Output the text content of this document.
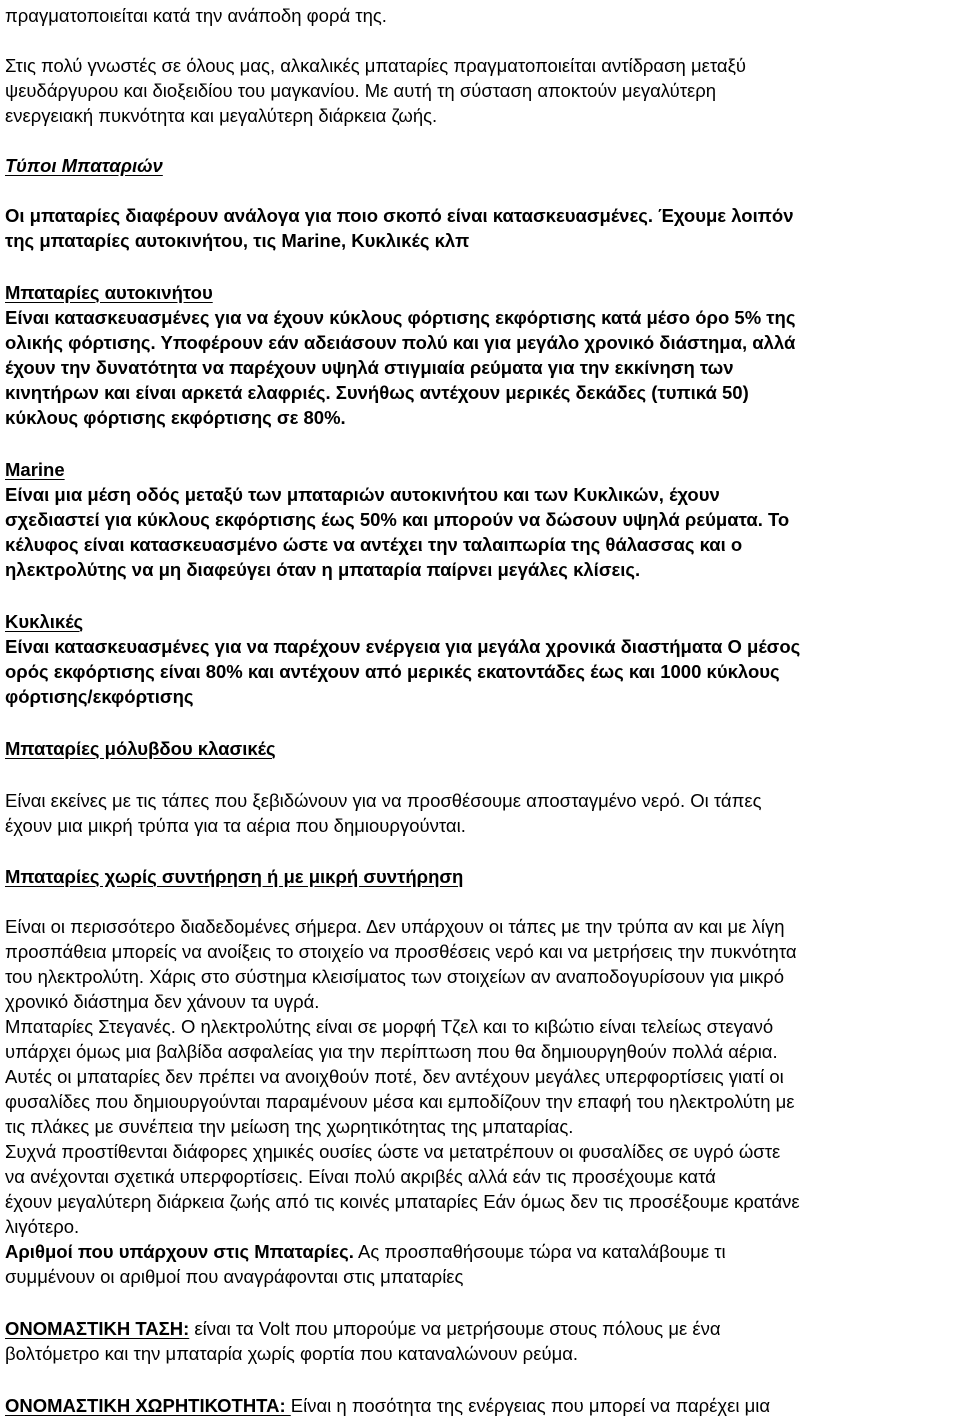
πραγματοποιείται κατά την ανάποδη φορά της.
Στις πολύ γνωστές σε όλους μας, αλκαλικές μπαταρίες πραγματοποιείται αντίδραση μεταξύ
ψευδάργυρου και διοξειδίου του μαγκανίου. Με αυτή τη σύσταση αποκτούν μεγαλύτερη
ενεργειακή πυκνότητα και μεγαλύτερη διάρκεια ζωής.
Τύποι Μπαταριών
Οι μπαταρίες διαφέρουν ανάλογα για ποιο σκοπό είναι κατασκευασμένες. Έχουμε λοιπόν
της μπαταρίες αυτοκινήτου, τις Marine, Κυκλικές κλπ
Μπαταρίες αυτοκινήτου
Είναι κατασκευασμένες για να έχουν κύκλους φόρτισης εκφόρτισης κατά μέσο όρο 5% της
ολικής φόρτισης. Υποφέρουν εάν αδειάσουν πολύ και για μεγάλο χρονικό διάστημα, αλλά
έχουν την δυνατότητα να παρέχουν υψηλά στιγμιαία ρεύματα για την εκκίνηση των
κινητήρων και είναι αρκετά ελαφριές. Συνήθως αντέχουν μερικές δεκάδες (τυπικά 50)
κύκλους φόρτισης εκφόρτισης σε 80%.
Marine
Είναι μια μέση οδός μεταξύ των μπαταριών αυτοκινήτου και των Κυκλικών, έχουν
σχεδιαστεί για κύκλους εκφόρτισης έως 50% και μπορούν να δώσουν υψηλά ρεύματα. Το
κέλυφος είναι κατασκευασμένο ώστε να αντέχει την ταλαιπωρία της θάλασσας και ο
ηλεκτρολύτης να μη διαφεύγει όταν η μπαταρία παίρνει μεγάλες κλίσεις.
Κυκλικές
Είναι κατασκευασμένες για να παρέχουν ενέργεια για μεγάλα χρονικά διαστήματα Ο μέσος
ορός εκφόρτισης είναι 80% και αντέχουν από μερικές εκατοντάδες έως και 1000 κύκλους
φόρτισης/εκφόρτισης
Μπαταρίες μόλυβδου κλασικές
Είναι εκείνες με τις τάπες που ξεβιδώνουν για να προσθέσουμε αποσταγμένο νερό. Οι τάπες
έχουν μια μικρή τρύπα για τα αέρια που δημιουργούνται.
Μπαταρίες χωρίς συντήρηση ή με μικρή συντήρηση
Είναι οι περισσότερο διαδεδομένες σήμερα. Δεν υπάρχουν οι τάπες με την τρύπα αν και με λίγη
προσπάθεια μπορείς να ανοίξεις το στοιχείο να προσθέσεις νερό και να μετρήσεις την πυκνότητα
του ηλεκτρολύτη. Χάρις στο σύστημα κλεισίματος των στοιχείων αν αναποδογυρίσουν για μικρό
χρονικό διάστημα δεν χάνουν τα υγρά.
Μπαταρίες Στεγανές. Ο ηλεκτρολύτης είναι σε μορφή Τζελ και το κιβώτιο είναι τελείως στεγανό
υπάρχει όμως μια βαλβίδα ασφαλείας για την περίπτωση που θα δημιουργηθούν πολλά αέρια.
Αυτές οι μπαταρίες δεν πρέπει να ανοιχθούν ποτέ, δεν αντέχουν μεγάλες υπερφορτίσεις γιατί οι
φυσαλίδες που δημιουργούνται παραμένουν μέσα και εμποδίζουν την επαφή του ηλεκτρολύτη με
τις πλάκες με συνέπεια την μείωση της χωρητικότητας της μπαταρίας.
Συχνά προστίθενται διάφορες χημικές ουσίες ώστε να μετατρέπουν οι φυσαλίδες σε υγρό ώστε
να ανέχονται σχετικά υπερφορτίσεις. Είναι πολύ ακριβές αλλά εάν τις προσέχουμε κατά
έχουν μεγαλύτερη διάρκεια ζωής από τις κοινές μπαταρίες Εάν όμως δεν τις προσέξουμε κρατάνε
λιγότερο.
Αριθμοί που υπάρχουν στις Μπαταρίες. Ας προσπαθήσουμε τώρα να καταλάβουμε τι
συμμένουν οι αριθμοί που αναγράφονται στις μπαταρίες
ΟΝΟΜΑΣΤΙΚΗ ΤΑΣΗ: είναι τα Volt που μπορούμε να μετρήσουμε στους πόλους με ένα
βολτόμετρο και την μπαταρία χωρίς φορτία που καταναλώνουν ρεύμα.
ΟΝΟΜΑΣΤΙΚΗ ΧΩΡΗΤΙΚΟΤΗΤΑ: Είναι η ποσότητα της ενέργειας που μπορεί να παρέχει μια
